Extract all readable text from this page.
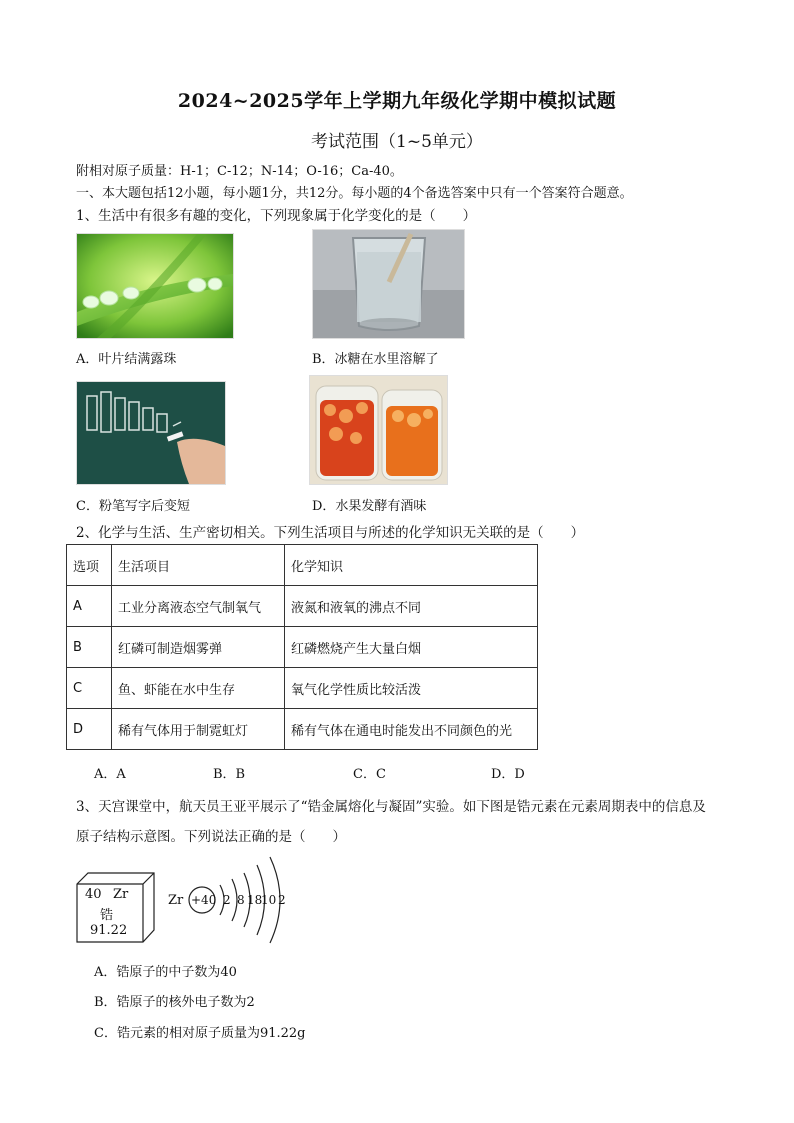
2024~2025学年上学期九年级化学期中模拟试题
考试范围（1~5单元）
附相对原子质量：H-1；C-12；N-14；O-16；Ca-40。
一、本大题包括12小题，每小题1分，共12分。每小题的4个备选答案中只有一个答案符合题意。
1、生活中有很多有趣的变化，下列现象属于化学变化的是（　　）
A．叶片结满露珠	B．冰糖在水里溶解了
C．粉笔写字后变短	D．水果发酵有酒味
2、化学与生活、生产密切相关。下列生活项目与所述的化学知识无关联的是（　　）
选项	生活项目	化学知识
A	工业分离液态空气制氧气	液氮和液氧的沸点不同
B	红磷可制造烟雾弹	红磷燃烧产生大量白烟
C	鱼、虾能在水中生存	氧气化学性质比较活泼
D	稀有气体用于制霓虹灯	稀有气体在通电时能发出不同颜色的光
A．A	B．B	C．C	D．D
3、天宫课堂中，航天员王亚平展示了“锆金属熔化与凝固”实验。如下图是锆元素在元素周期表中的信息及
原子结构示意图。下列说法正确的是（　　）
40 Zr
锆
91.22
Zr +40 2 8 18
10 2
A．锆原子的中子数为40
B．锆原子的核外电子数为2
C．锆元素的相对原子质量为91.22g
